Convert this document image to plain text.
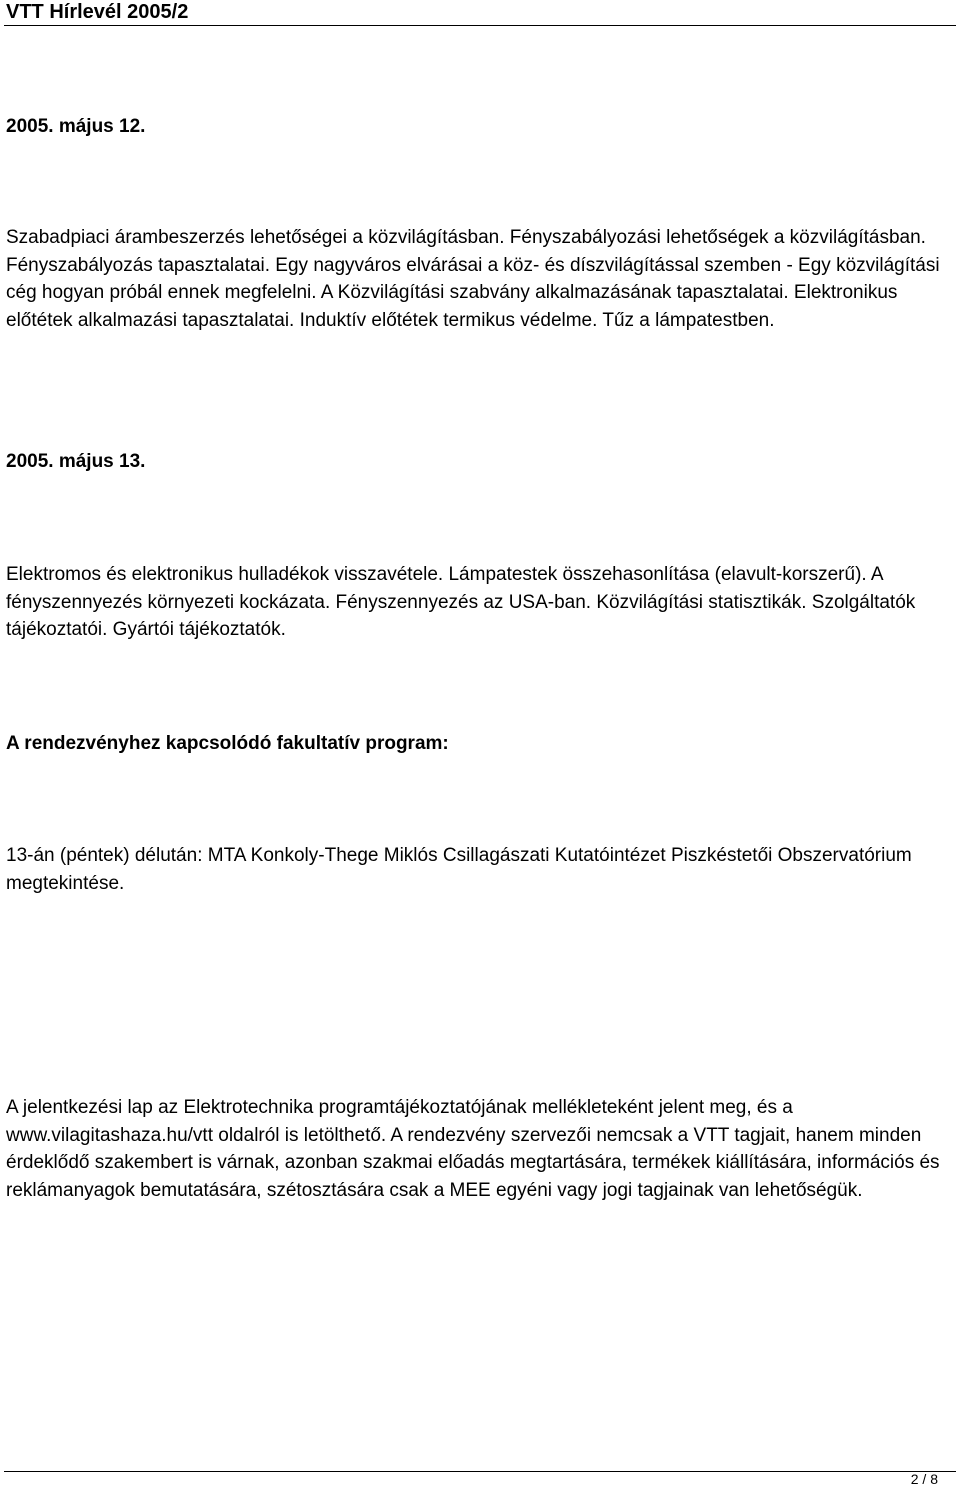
VTT Hírlevél 2005/2

2005. május 12.

Szabadpiaci árambeszerzés lehetőségei a közvilágításban. Fényszabályozási lehetőségek a közvilágításban. Fényszabályozás tapasztalatai. Egy nagyváros elvárásai a köz- és díszvilágítással szemben - Egy közvilágítási cég hogyan próbál ennek megfelelni. A Közvilágítási szabvány alkalmazásának tapasztalatai. Elektronikus előtétek alkalmazási tapasztalatai. Induktív előtétek termikus védelme. Tűz a lámpatestben.

2005. május 13.

Elektromos és elektronikus hulladékok visszavétele. Lámpatestek összehasonlítása (elavult-korszerű). A fényszennyezés környezeti kockázata. Fényszennyezés az USA-ban. Közvilágítási statisztikák. Szolgáltatók tájékoztatói. Gyártói tájékoztatók.

A rendezvényhez kapcsolódó fakultatív program:

13-án (péntek) délután: MTA Konkoly-Thege Miklós Csillagászati Kutatóintézet Piszkéstetői Obszervatórium megtekintése.

A jelentkezési lap az Elektrotechnika programtájékoztatójának mellékleteként jelent meg, és a www.vilagitashaza.hu/vtt oldalról is letölthető. A rendezvény szervezői nemcsak a VTT tagjait, hanem minden érdeklődő szakembert is várnak, azonban szakmai előadás megtartására, termékek kiállítására, információs és reklámanyagok bemutatására, szétosztására csak a MEE egyéni vagy jogi tagjainak van lehetőségük.

2 / 8
